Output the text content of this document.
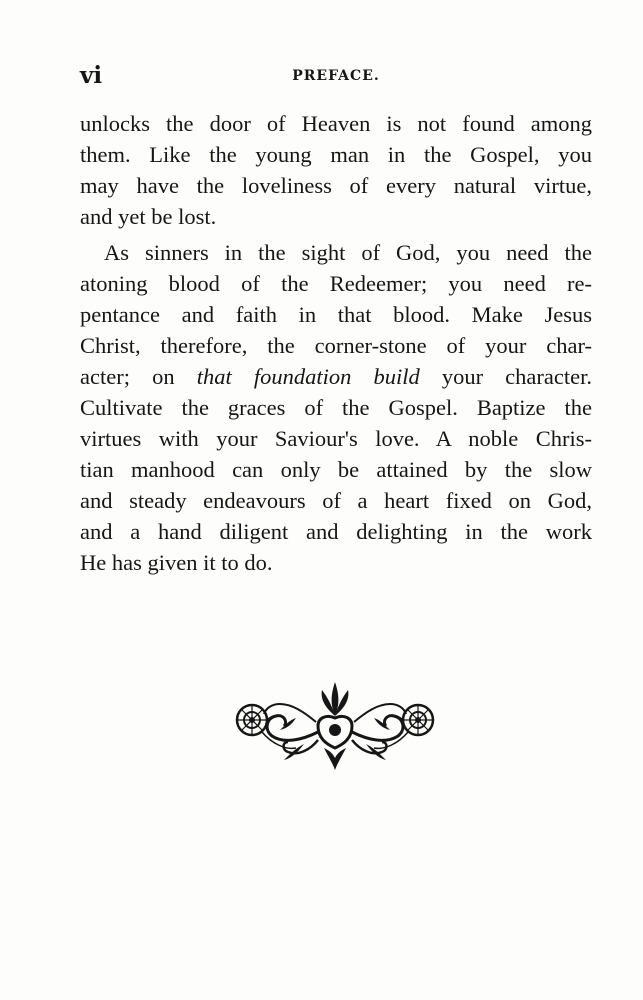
vi	PREFACE.

unlocks the door of Heaven is not found among
them. Like the young man in the Gospel, you
may have the loveliness of every natural virtue,
and yet be lost.

As sinners in the sight of God, you need the
atoning blood of the Redeemer; you need re-
pentance and faith in that blood. Make Jesus
Christ, therefore, the corner-stone of your char-
acter; on that foundation build your character.
Cultivate the graces of the Gospel. Baptize the
virtues with your Saviour's love. A noble Chris-
tian manhood can only be attained by the slow
and steady endeavours of a heart fixed on God,
and a hand diligent and delighting in the work
He has given it to do.
